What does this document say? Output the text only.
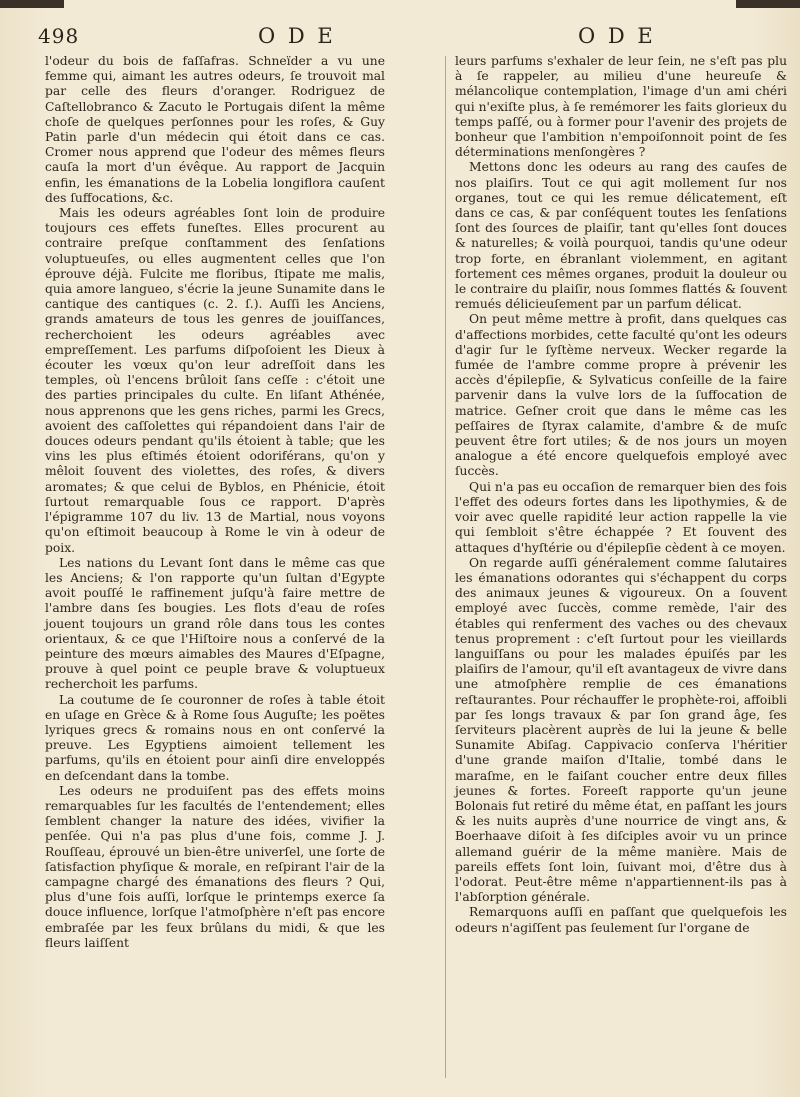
498	O D E	O D E

l'odeur du bois de faſſafras. Schneïder a vu une femme qui, aimant les autres odeurs, ſe trouvoit mal par celle des fleurs d'oranger. Rodriguez de Caſtellobranco & Zacuto le Portugais diſent la même choſe de quelques perſonnes pour les roſes, & Guy Patin parle d'un médecin qui étoit dans ce cas. Cromer nous apprend que l'odeur des mêmes fleurs cauſa la mort d'un évêque. Au rapport de Jacquin enfin, les émanations de la Lobelia longiflora cauſent des ſuffocations, &c.

Mais les odeurs agréables ſont loin de produire toujours ces effets funeſtes. Elles procurent au contraire preſque conſtamment des ſenſations voluptueuſes, ou elles augmentent celles que l'on éprouve déjà. Fulcite me floribus, ſtipate me malis, quia amore langueo, s'écrie la jeune Sunamite dans le cantique des cantiques (c. 2. ſ.). Auſſi les Anciens, grands amateurs de tous les genres de jouiſſances, recherchoient les odeurs agréables avec empreſſement. Les parfums diſpoſoient les Dieux à écouter les vœux qu'on leur adreſſoit dans les temples, où l'encens brûloit ſans ceſſe : c'étoit une des parties principales du culte. En liſant Athénée, nous apprenons que les gens riches, parmi les Grecs, avoient des caſſolettes qui répandoient dans l'air de douces odeurs pendant qu'ils étoient à table; que les vins les plus eſtimés étoient odoriférans, qu'on y mêloit ſouvent des violettes, des roſes, & divers aromates; & que celui de Byblos, en Phénicie, étoit ſurtout remarquable ſous ce rapport. D'après l'épigramme 107 du liv. 13 de Martial, nous voyons qu'on eſtimoit beaucoup à Rome le vin à odeur de poix.

Les nations du Levant ſont dans le même cas que les Anciens; & l'on rapporte qu'un ſultan d'Egypte avoit pouſſé le raffinement juſqu'à faire mettre de l'ambre dans ſes bougies. Les flots d'eau de roſes jouent toujours un grand rôle dans tous les contes orientaux, & ce que l'Hiſtoire nous a conſervé de la peinture des mœurs aimables des Maures d'Eſpagne, prouve à quel point ce peuple brave & voluptueux recherchoit les parfums.

La coutume de ſe couronner de roſes à table étoit en uſage en Grèce & à Rome ſous Auguſte; les poëtes lyriques grecs & romains nous en ont conſervé la preuve. Les Egyptiens aimoient tellement les parfums, qu'ils en étoient pour ainſi dire enveloppés en deſcendant dans la tombe.

Les odeurs ne produiſent pas des effets moins remarquables ſur les facultés de l'entendement; elles ſemblent changer la nature des idées, vivifier la penſée. Qui n'a pas plus d'une fois, comme J. J. Rouſſeau, éprouvé un bien-être univerſel, une ſorte de ſatisfaction phyſique & morale, en reſpirant l'air de la campagne chargé des émanations des fleurs ? Qui, plus d'une fois auſſi, lorſque le printemps exerce ſa douce influence, lorſque l'atmoſphère n'eſt pas encore embraſée par les feux brûlans du midi, & que les fleurs laiſſent

leurs parfums s'exhaler de leur ſein, ne s'eſt pas plu à ſe rappeler, au milieu d'une heureuſe & mélancolique contemplation, l'image d'un ami chéri qui n'exiſte plus, à ſe remémorer les faits glorieux du temps paſſé, ou à former pour l'avenir des projets de bonheur que l'ambition n'empoiſonnoit point de ſes déterminations menſongères ?

Mettons donc les odeurs au rang des cauſes de nos plaiſirs. Tout ce qui agit mollement ſur nos organes, tout ce qui les remue délicatement, eſt dans ce cas, & par conſéquent toutes les ſenſations ſont des ſources de plaiſir, tant qu'elles ſont douces & naturelles; & voilà pourquoi, tandis qu'une odeur trop forte, en ébranlant violemment, en agitant fortement ces mêmes organes, produit la douleur ou le contraire du plaiſir, nous ſommes flattés & ſouvent remués délicieuſement par un parfum délicat.

On peut même mettre à profit, dans quelques cas d'affections morbides, cette faculté qu'ont les odeurs d'agir ſur le ſyſtème nerveux. Wecker regarde la fumée de l'ambre comme propre à prévenir les accès d'épilepſie, & Sylvaticus conſeille de la faire parvenir dans la vulve lors de la ſuffocation de matrice. Geſner croit que dans le même cas les peſſaires de ſtyrax calamite, d'ambre & de muſc peuvent être fort utiles; & de nos jours un moyen analogue a été encore quelquefois employé avec ſuccès.

Qui n'a pas eu occaſion de remarquer bien des fois l'effet des odeurs fortes dans les lipothymies, & de voir avec quelle rapidité leur action rappelle la vie qui ſembloit s'être échappée ? Et ſouvent des attaques d'hyſtérie ou d'épilepſie cèdent à ce moyen.

On regarde auſſi généralement comme ſalutaires les émanations odorantes qui s'échappent du corps des animaux jeunes & vigoureux. On a ſouvent employé avec ſuccès, comme remède, l'air des étables qui renferment des vaches ou des chevaux tenus proprement : c'eſt ſurtout pour les vieillards languiſſans ou pour les malades épuiſés par les plaiſirs de l'amour, qu'il eſt avantageux de vivre dans une atmoſphère remplie de ces émanations reſtaurantes. Pour réchauffer le prophète-roi, affoibli par ſes longs travaux & par ſon grand âge, ſes ſerviteurs placèrent auprès de lui la jeune & belle Sunamite Abiſag. Cappivacio conſerva l'héritier d'une grande maiſon d'Italie, tombé dans le maraſme, en le faiſant coucher entre deux filles jeunes & fortes. Foreeſt rapporte qu'un jeune Bolonais fut retiré du même état, en paſſant les jours & les nuits auprès d'une nourrice de vingt ans, & Boerhaave diſoit à ſes diſciples avoir vu un prince allemand guérir de la même manière. Mais de pareils effets ſont loin, ſuivant moi, d'être dus à l'odorat. Peut-être même n'appartiennent-ils pas à l'abſorption générale.

Remarquons auſſi en paſſant que quelquefois les odeurs n'agiſſent pas ſeulement ſur l'organe de
